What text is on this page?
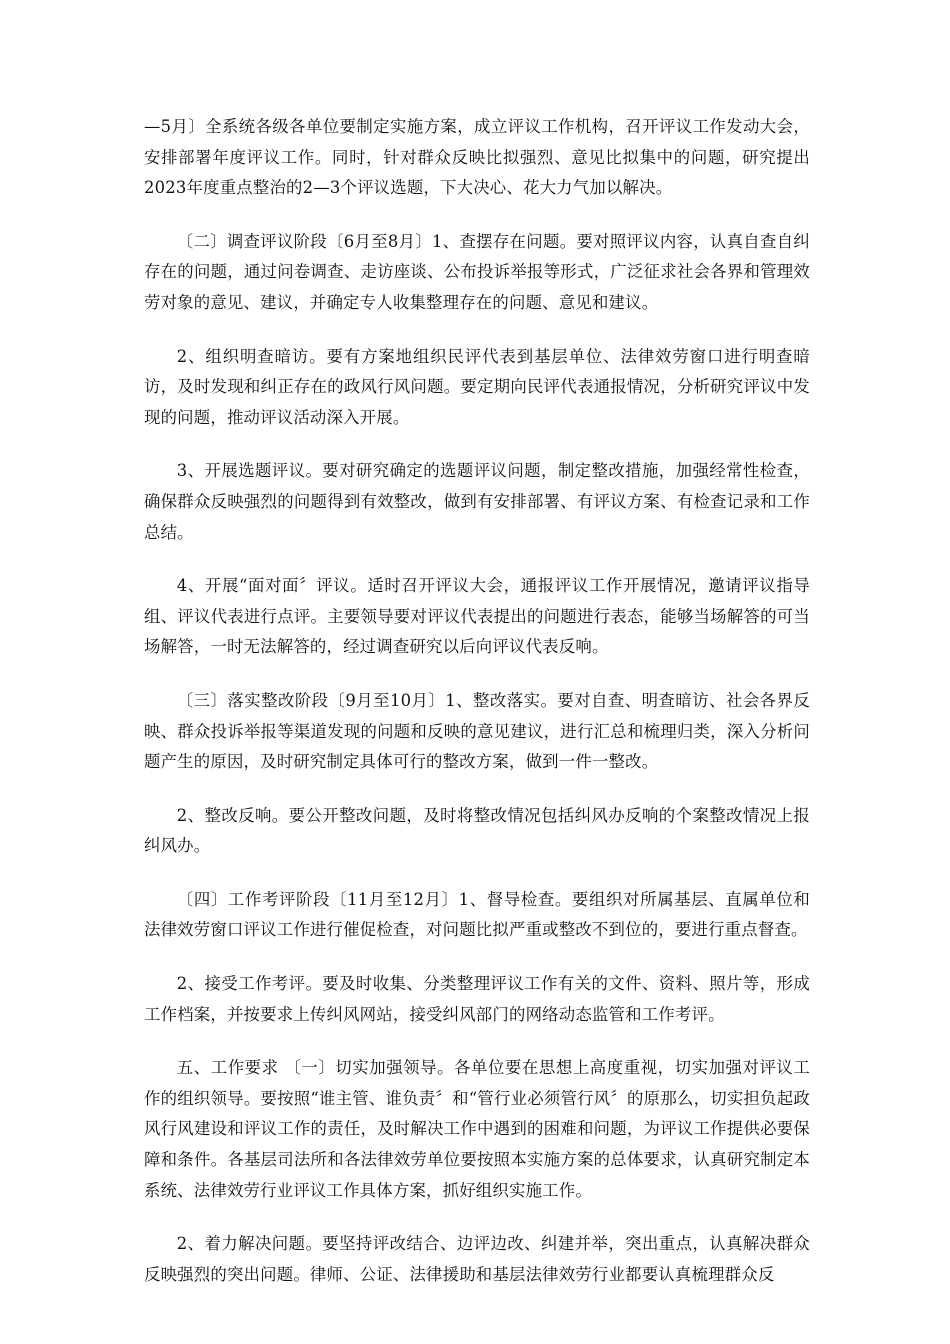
—5月〕全系统各级各单位要制定实施方案，成立评议工作机构，召开评议工作发动大会，安排部署年度评议工作。同时，针对群众反映比拟强烈、意见比拟集中的问题，研究提出2023年度重点整治的2—3个评议选题，下大决心、花大力气加以解决。

〔二〕调查评议阶段〔6月至8月〕1、查摆存在问题。要对照评议内容，认真自查自纠存在的问题，通过问卷调查、走访座谈、公布投诉举报等形式，广泛征求社会各界和管理效劳对象的意见、建议，并确定专人收集整理存在的问题、意见和建议。

2、组织明查暗访。要有方案地组织民评代表到基层单位、法律效劳窗口进行明查暗访，及时发现和纠正存在的政风行风问题。要定期向民评代表通报情况，分析研究评议中发现的问题，推动评议活动深入开展。

3、开展选题评议。要对研究确定的选题评议问题，制定整改措施，加强经常性检查，确保群众反映强烈的问题得到有效整改，做到有安排部署、有评议方案、有检查记录和工作总结。

4、开展“面对面〞评议。适时召开评议大会，通报评议工作开展情况，邀请评议指导组、评议代表进行点评。主要领导要对评议代表提出的问题进行表态，能够当场解答的可当场解答，一时无法解答的，经过调查研究以后向评议代表反响。

〔三〕落实整改阶段〔9月至10月〕1、整改落实。要对自查、明查暗访、社会各界反映、群众投诉举报等渠道发现的问题和反映的意见建议，进行汇总和梳理归类，深入分析问题产生的原因，及时研究制定具体可行的整改方案，做到一件一整改。

2、整改反响。要公开整改问题，及时将整改情况包括纠风办反响的个案整改情况上报纠风办。

〔四〕工作考评阶段〔11月至12月〕1、督导检查。要组织对所属基层、直属单位和法律效劳窗口评议工作进行催促检查，对问题比拟严重或整改不到位的，要进行重点督查。

2、接受工作考评。要及时收集、分类整理评议工作有关的文件、资料、照片等，形成工作档案，并按要求上传纠风网站，接受纠风部门的网络动态监管和工作考评。

五、工作要求 〔一〕切实加强领导。各单位要在思想上高度重视，切实加强对评议工作的组织领导。要按照“谁主管、谁负责〞和“管行业必须管行风〞的原那么，切实担负起政风行风建设和评议工作的责任，及时解决工作中遇到的困难和问题，为评议工作提供必要保障和条件。各基层司法所和各法律效劳单位要按照本实施方案的总体要求，认真研究制定本系统、法律效劳行业评议工作具体方案，抓好组织实施工作。

2、着力解决问题。要坚持评改结合、边评边改、纠建并举，突出重点，认真解决群众反映强烈的突出问题。律师、公证、法律援助和基层法律效劳行业都要认真梳理群众反
